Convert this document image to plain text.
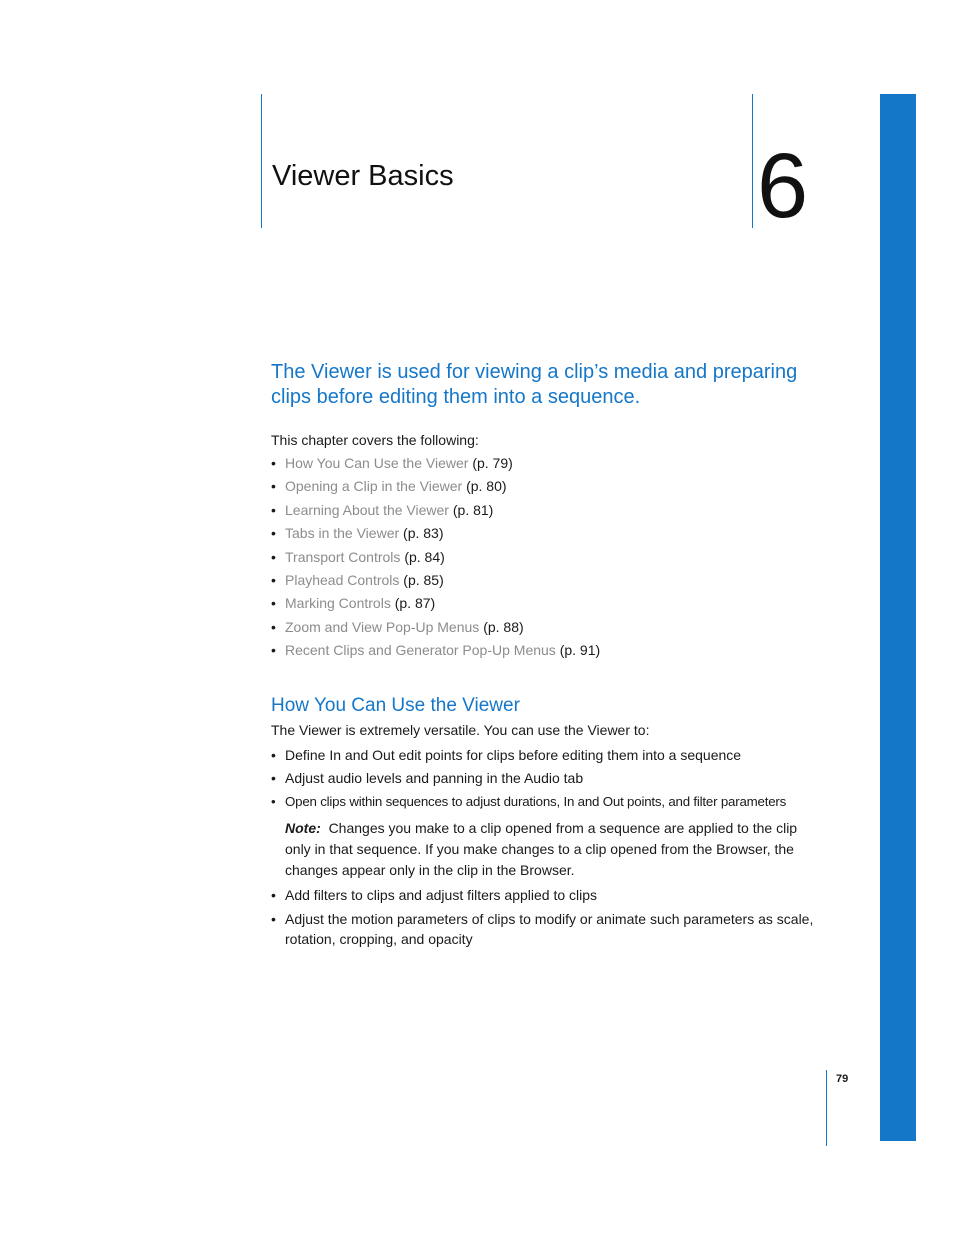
Viewer Basics	6
The Viewer is used for viewing a clip’s media and preparing clips before editing them into a sequence.
This chapter covers the following:
• How You Can Use the Viewer (p. 79)
• Opening a Clip in the Viewer (p. 80)
• Learning About the Viewer (p. 81)
• Tabs in the Viewer (p. 83)
• Transport Controls (p. 84)
• Playhead Controls (p. 85)
• Marking Controls (p. 87)
• Zoom and View Pop-Up Menus (p. 88)
• Recent Clips and Generator Pop-Up Menus (p. 91)
How You Can Use the Viewer
The Viewer is extremely versatile. You can use the Viewer to:
• Define In and Out edit points for clips before editing them into a sequence
• Adjust audio levels and panning in the Audio tab
• Open clips within sequences to adjust durations, In and Out points, and filter parameters
Note: Changes you make to a clip opened from a sequence are applied to the clip only in that sequence. If you make changes to a clip opened from the Browser, the changes appear only in the clip in the Browser.
• Add filters to clips and adjust filters applied to clips
• Adjust the motion parameters of clips to modify or animate such parameters as scale, rotation, cropping, and opacity
79
